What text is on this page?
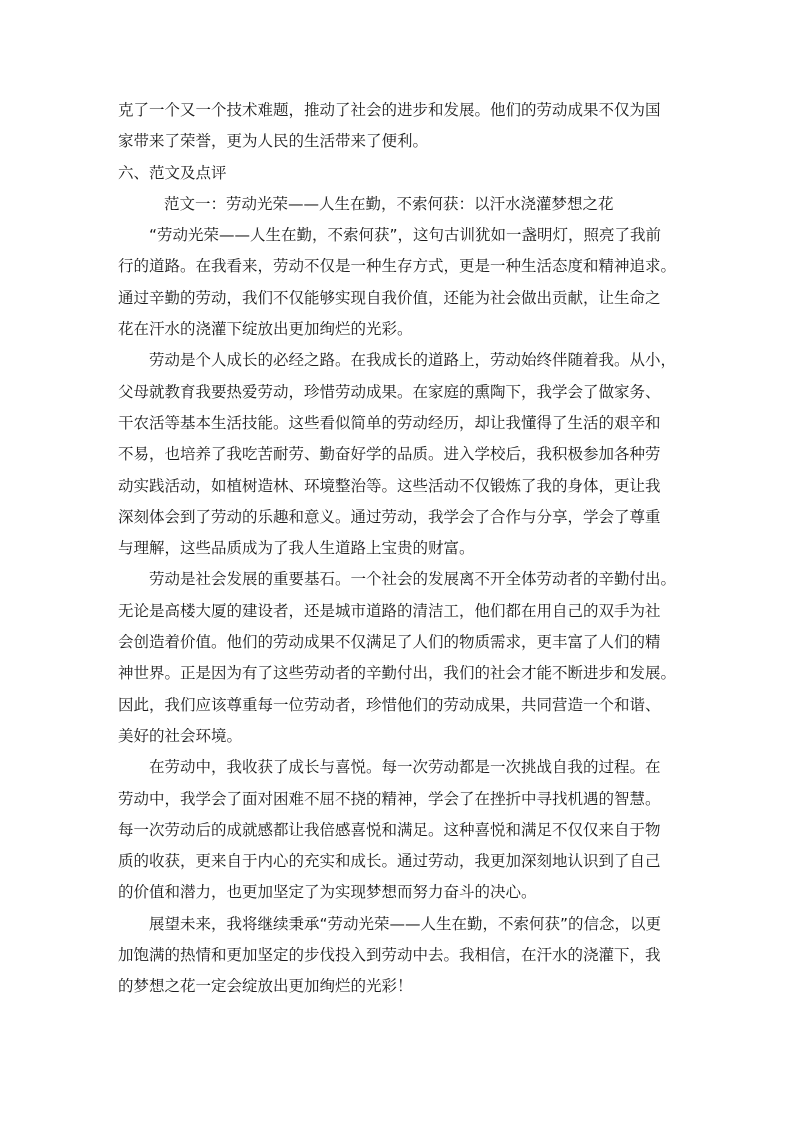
克了一个又一个技术难题，推动了社会的进步和发展。他们的劳动成果不仅为国
家带来了荣誉，更为人民的生活带来了便利。
六、范文及点评
范文一：劳动光荣——人生在勤，不索何获：以汗水浇灌梦想之花
“劳动光荣——人生在勤，不索何获”，这句古训犹如一盏明灯，照亮了我前
行的道路。在我看来，劳动不仅是一种生存方式，更是一种生活态度和精神追求。
通过辛勤的劳动，我们不仅能够实现自我价值，还能为社会做出贡献，让生命之
花在汗水的浇灌下绽放出更加绚烂的光彩。
劳动是个人成长的必经之路。在我成长的道路上，劳动始终伴随着我。从小，
父母就教育我要热爱劳动，珍惜劳动成果。在家庭的熏陶下，我学会了做家务、
干农活等基本生活技能。这些看似简单的劳动经历，却让我懂得了生活的艰辛和
不易，也培养了我吃苦耐劳、勤奋好学的品质。进入学校后，我积极参加各种劳
动实践活动，如植树造林、环境整治等。这些活动不仅锻炼了我的身体，更让我
深刻体会到了劳动的乐趣和意义。通过劳动，我学会了合作与分享，学会了尊重
与理解，这些品质成为了我人生道路上宝贵的财富。
劳动是社会发展的重要基石。一个社会的发展离不开全体劳动者的辛勤付出。
无论是高楼大厦的建设者，还是城市道路的清洁工，他们都在用自己的双手为社
会创造着价值。他们的劳动成果不仅满足了人们的物质需求，更丰富了人们的精
神世界。正是因为有了这些劳动者的辛勤付出，我们的社会才能不断进步和发展。
因此，我们应该尊重每一位劳动者，珍惜他们的劳动成果，共同营造一个和谐、
美好的社会环境。
在劳动中，我收获了成长与喜悦。每一次劳动都是一次挑战自我的过程。在
劳动中，我学会了面对困难不屈不挠的精神，学会了在挫折中寻找机遇的智慧。
每一次劳动后的成就感都让我倍感喜悦和满足。这种喜悦和满足不仅仅来自于物
质的收获，更来自于内心的充实和成长。通过劳动，我更加深刻地认识到了自己
的价值和潜力，也更加坚定了为实现梦想而努力奋斗的决心。
展望未来，我将继续秉承“劳动光荣——人生在勤，不索何获”的信念，以更
加饱满的热情和更加坚定的步伐投入到劳动中去。我相信，在汗水的浇灌下，我
的梦想之花一定会绽放出更加绚烂的光彩！
